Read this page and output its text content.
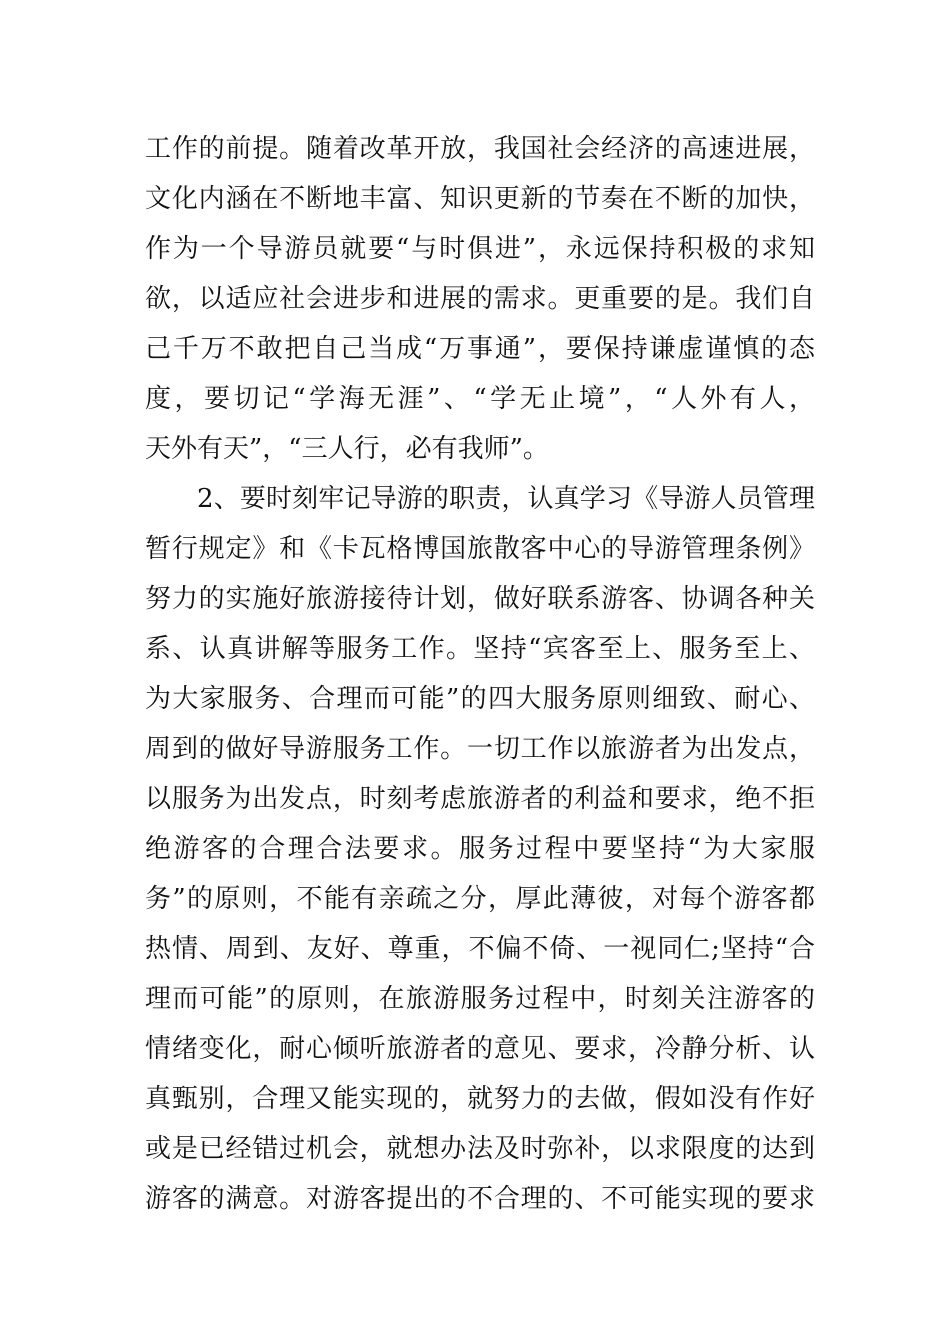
工作的前提。随着改革开放，我国社会经济的高速进展，
文化内涵在不断地丰富、知识更新的节奏在不断的加快，
作为一个导游员就要“与时俱进”，永远保持积极的求知
欲，以适应社会进步和进展的需求。更重要的是。我们自
己千万不敢把自己当成“万事通”，要保持谦虚谨慎的态
度，要切记“学海无涯”、“学无止境”，“人外有人，
天外有天”，“三人行，必有我师”。
2、要时刻牢记导游的职责，认真学习《导游人员管理
暂行规定》和《卡瓦格博国旅散客中心的导游管理条例》
努力的实施好旅游接待计划，做好联系游客、协调各种关
系、认真讲解等服务工作。坚持“宾客至上、服务至上、
为大家服务、合理而可能”的四大服务原则细致、耐心、
周到的做好导游服务工作。一切工作以旅游者为出发点，
以服务为出发点，时刻考虑旅游者的利益和要求，绝不拒
绝游客的合理合法要求。服务过程中要坚持“为大家服
务”的原则，不能有亲疏之分，厚此薄彼，对每个游客都
热情、周到、友好、尊重，不偏不倚、一视同仁;坚持“合
理而可能”的原则，在旅游服务过程中，时刻关注游客的
情绪变化，耐心倾听旅游者的意见、要求，冷静分析、认
真甄别，合理又能实现的，就努力的去做，假如没有作好
或是已经错过机会，就想办法及时弥补，以求限度的达到
游客的满意。对游客提出的不合理的、不可能实现的要求
